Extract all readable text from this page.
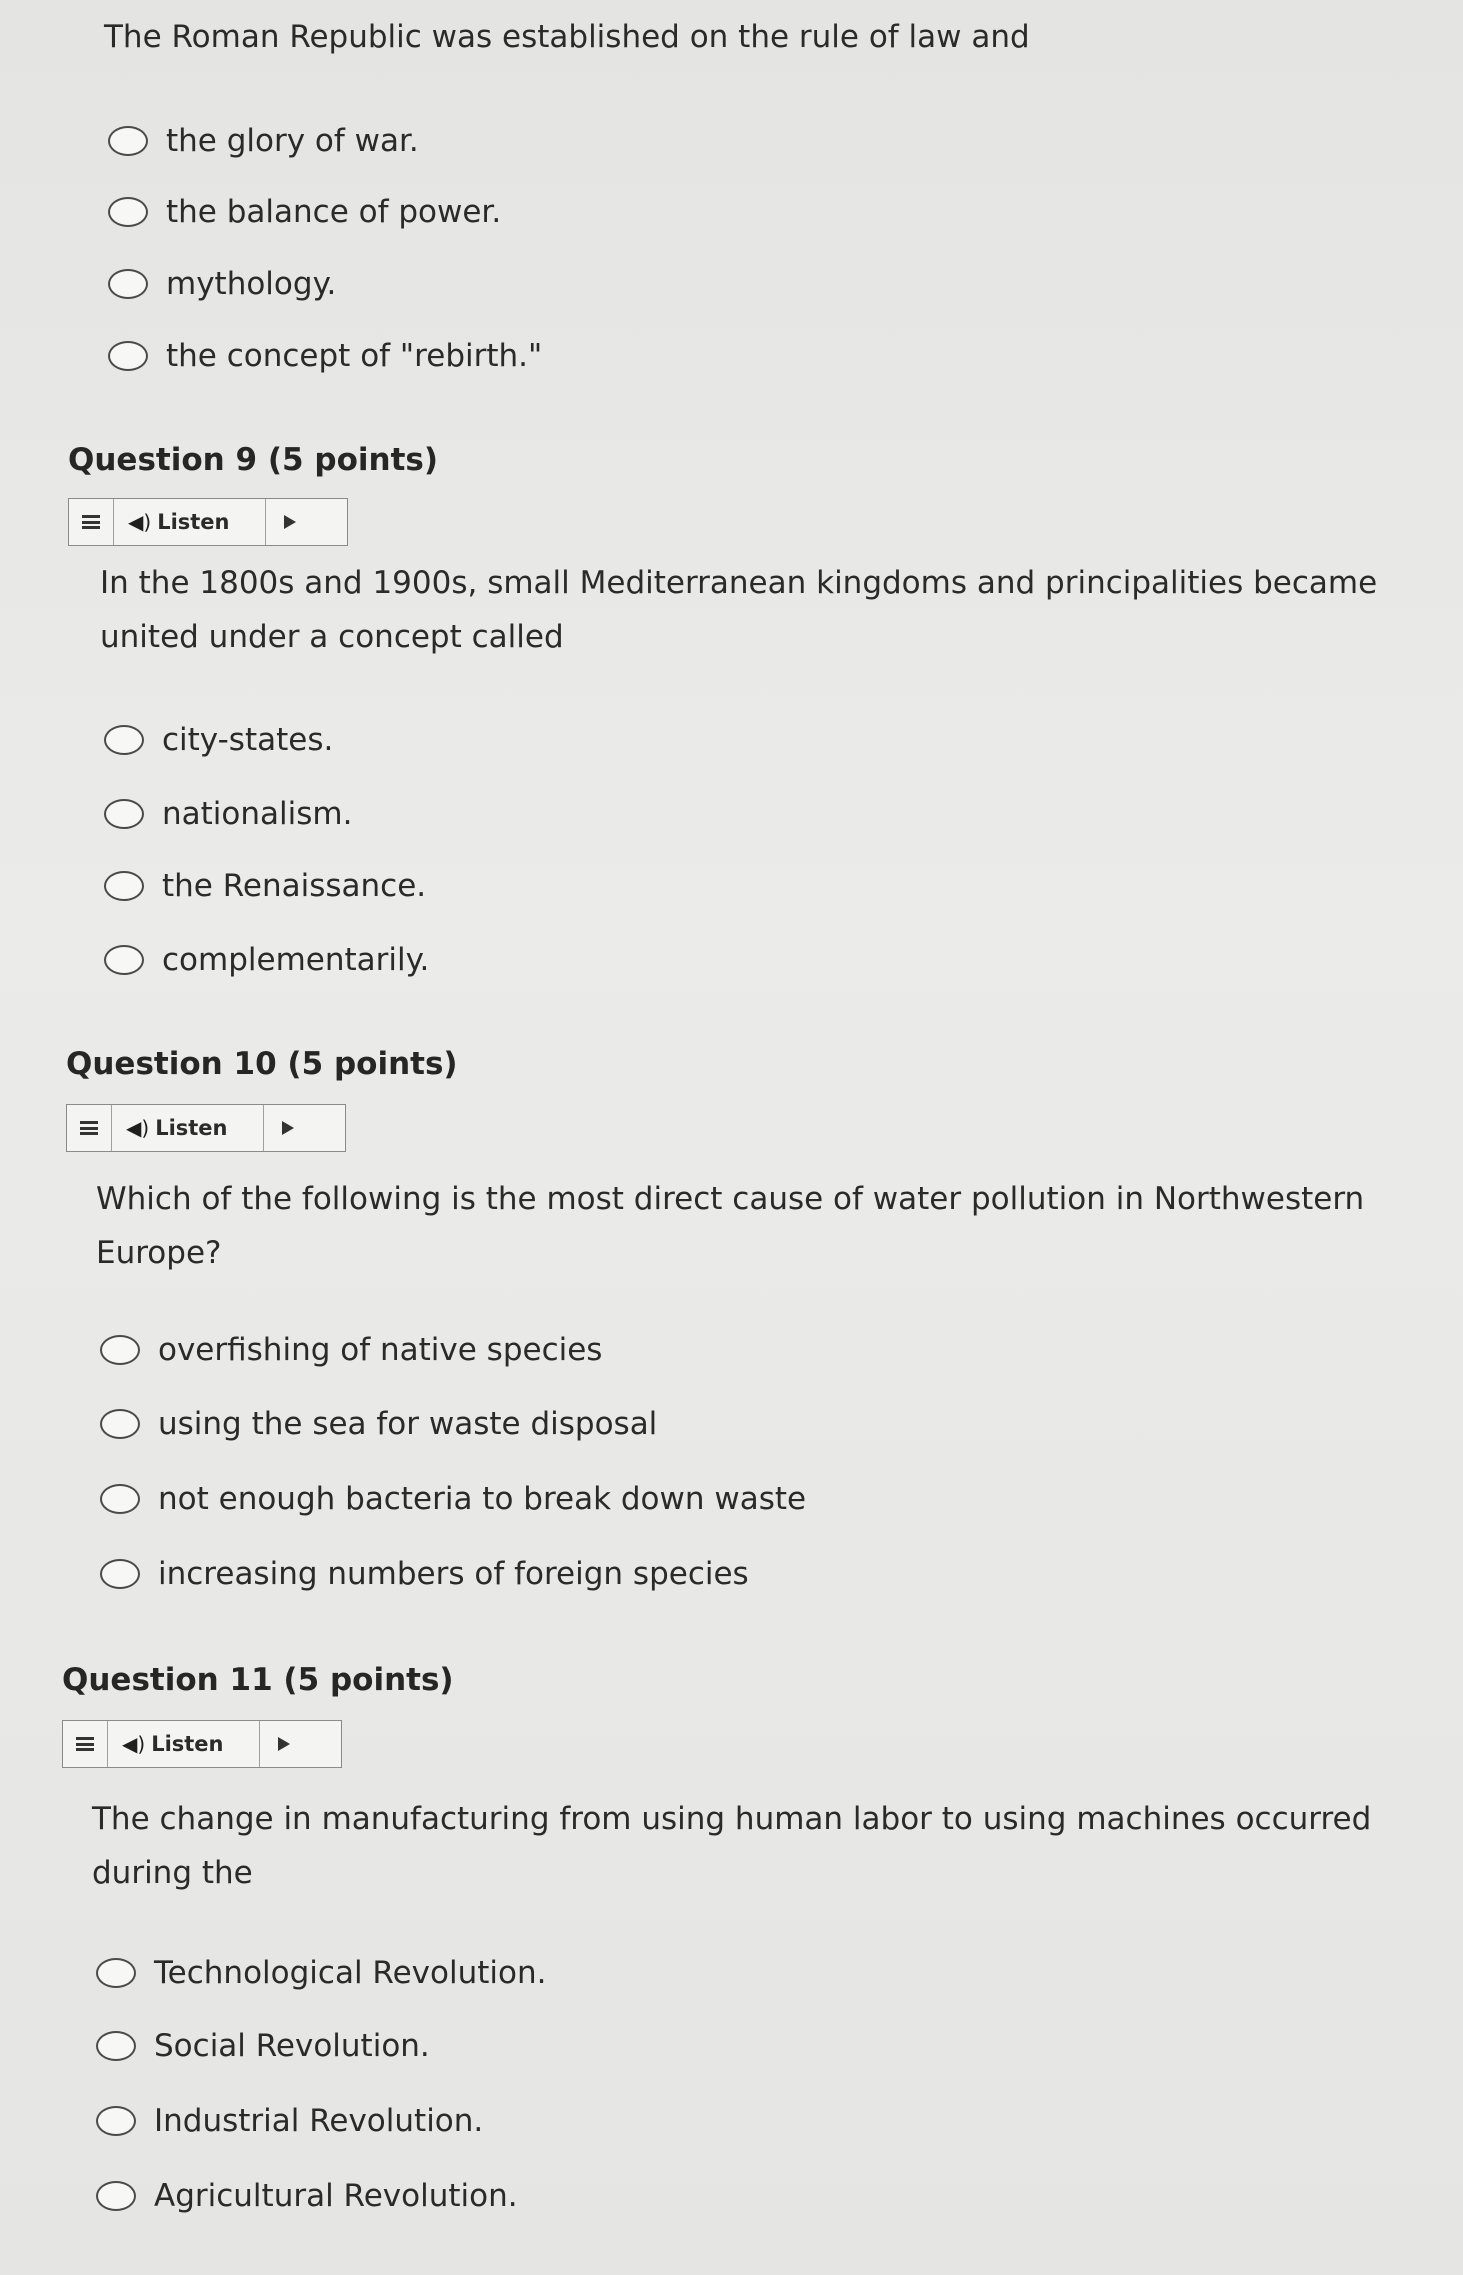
The Roman Republic was established on the rule of law and
the glory of war.
the balance of power.
mythology.
the concept of "rebirth."
Question 9 (5 points)
◀) Listen
In the 1800s and 1900s, small Mediterranean kingdoms and principalities became united under a concept called
city-states.
nationalism.
the Renaissance.
complementarily.
Question 10 (5 points)
◀) Listen
Which of the following is the most direct cause of water pollution in Northwestern Europe?
overfishing of native species
using the sea for waste disposal
not enough bacteria to break down waste
increasing numbers of foreign species
Question 11 (5 points)
◀) Listen
The change in manufacturing from using human labor to using machines occurred during the
Technological Revolution.
Social Revolution.
Industrial Revolution.
Agricultural Revolution.
